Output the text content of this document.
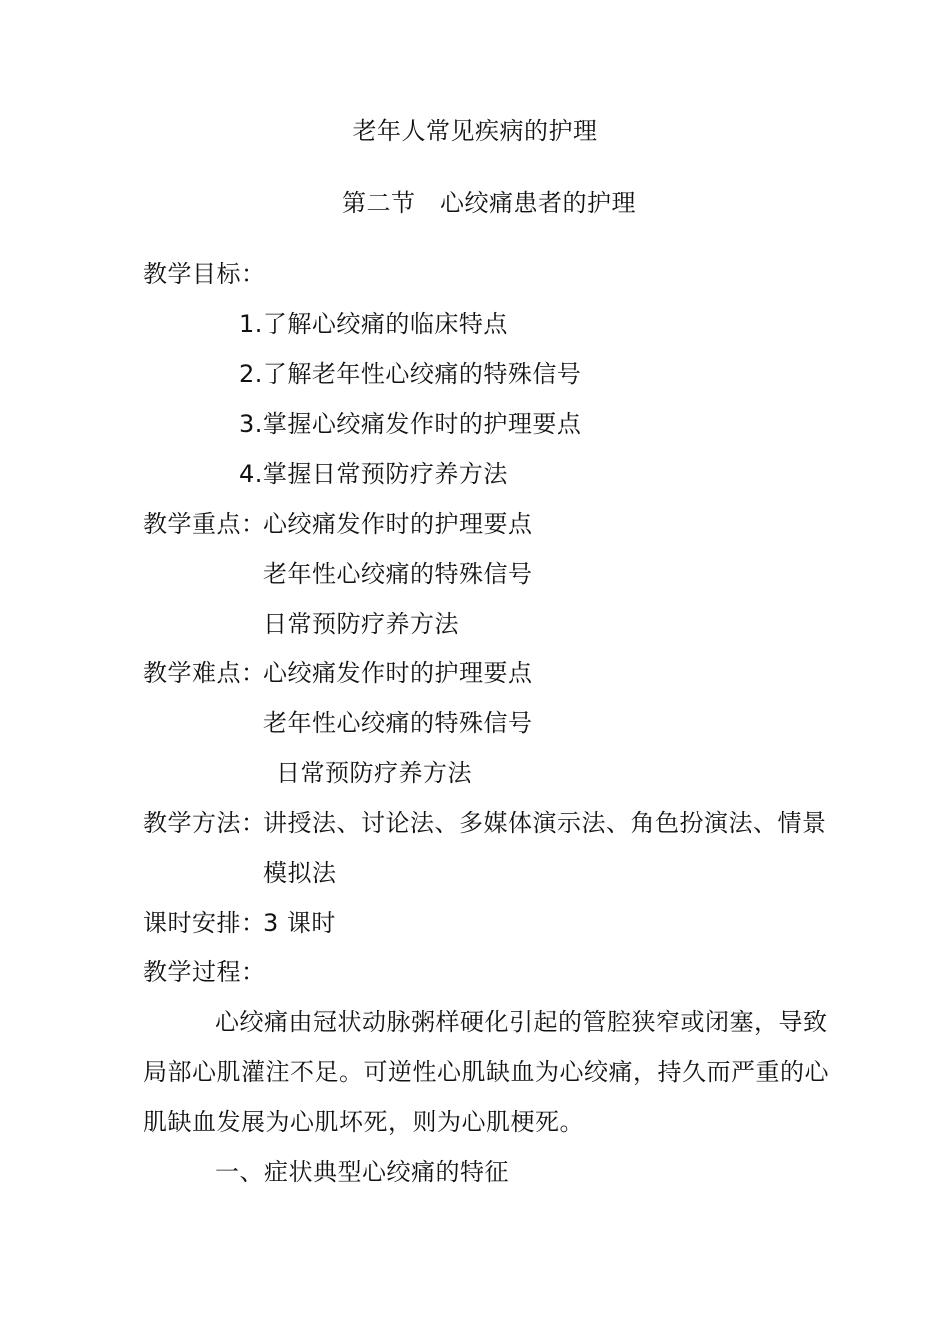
老年人常见疾病的护理
第二节　心绞痛患者的护理
教学目标：
1.了解心绞痛的临床特点
2.了解老年性心绞痛的特殊信号
3.掌握心绞痛发作时的护理要点
4.掌握日常预防疗养方法
教学重点：
心绞痛发作时的护理要点
老年性心绞痛的特殊信号
日常预防疗养方法
教学难点：
心绞痛发作时的护理要点
老年性心绞痛的特殊信号
日常预防疗养方法
教学方法：
讲授法、讨论法、多媒体演示法、角色扮演法、情景
模拟法
课时安排：
3 课时
教学过程：
心绞痛由冠状动脉粥样硬化引起的管腔狭窄或闭塞，导致
局部心肌灌注不足。可逆性心肌缺血为心绞痛，持久而严重的心
肌缺血发展为心肌坏死，则为心肌梗死。
一、症状典型心绞痛的特征
